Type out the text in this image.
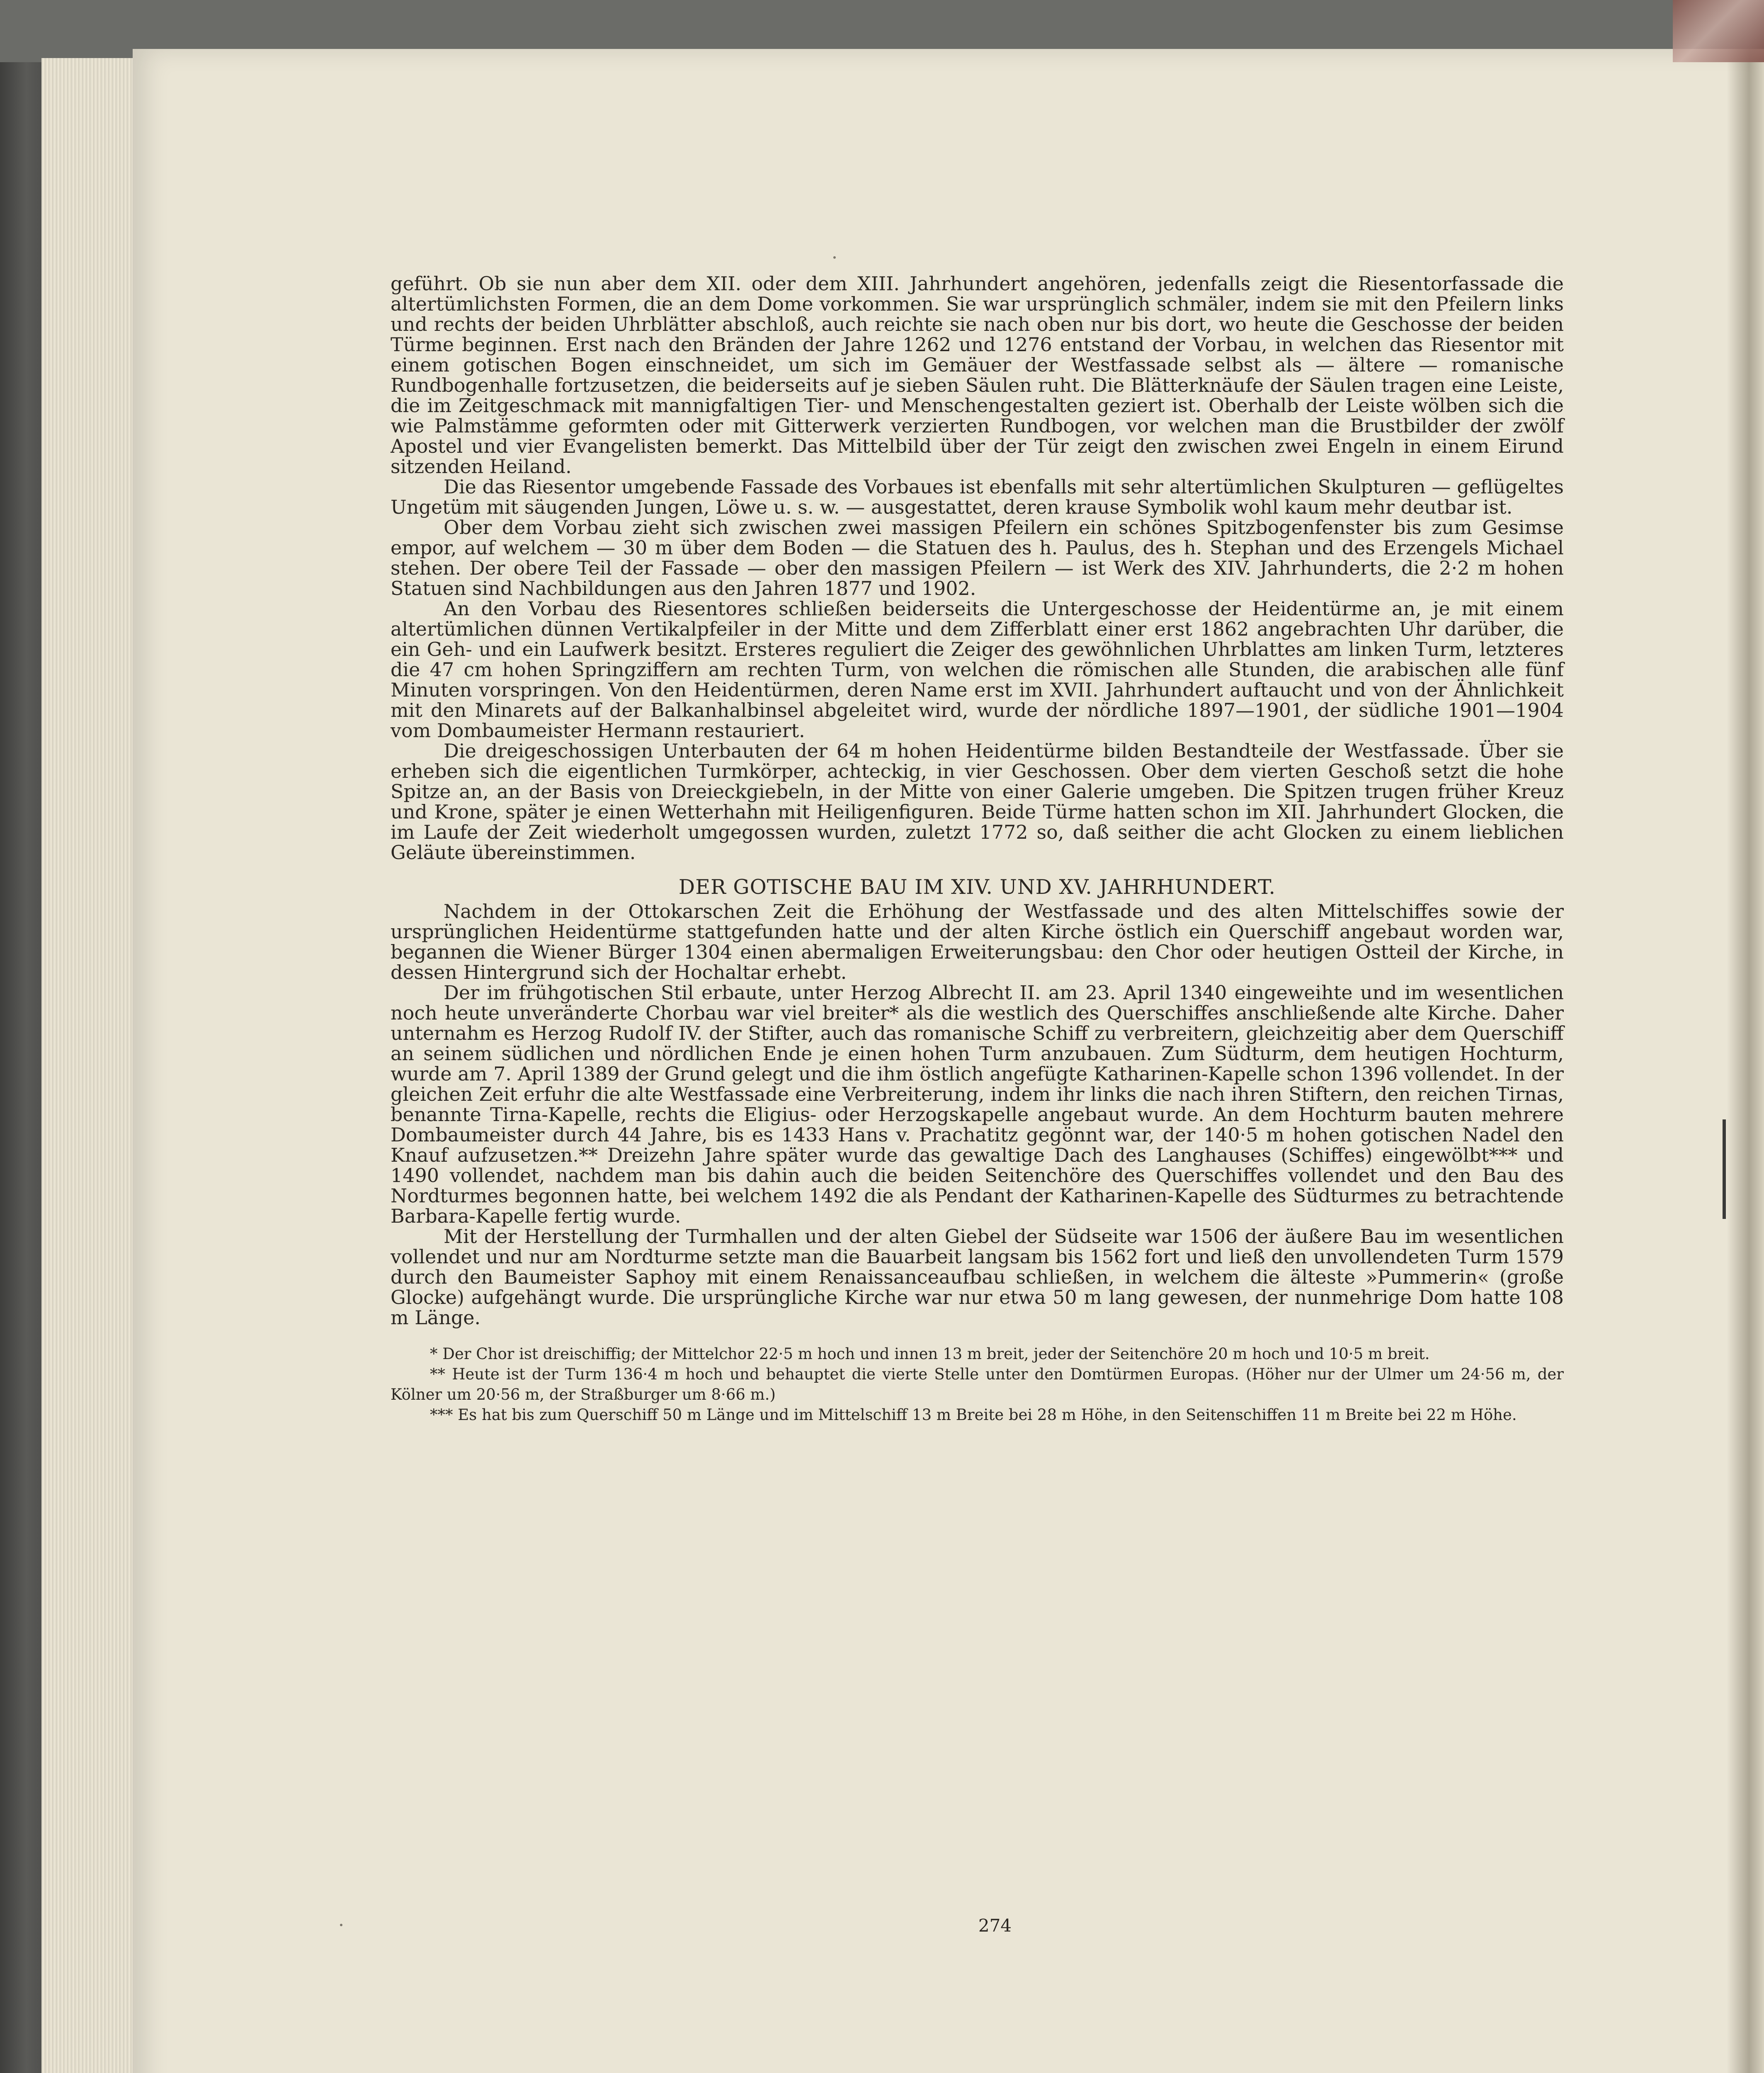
geführt. Ob sie nun aber dem XII. oder dem XIII. Jahrhundert angehören, jedenfalls zeigt die Riesentorfassade die altertümlichsten Formen, die an dem Dome vorkommen. Sie war ursprünglich schmäler, indem sie mit den Pfeilern links und rechts der beiden Uhrblätter abschloß, auch reichte sie nach oben nur bis dort, wo heute die Geschosse der beiden Türme beginnen. Erst nach den Bränden der Jahre 1262 und 1276 entstand der Vorbau, in welchen das Riesentor mit einem gotischen Bogen einschneidet, um sich im Gemäuer der Westfassade selbst als — ältere — romanische Rundbogenhalle fortzusetzen, die beiderseits auf je sieben Säulen ruht. Die Blätterknäufe der Säulen tragen eine Leiste, die im Zeitgeschmack mit mannigfaltigen Tier- und Menschengestalten geziert ist. Oberhalb der Leiste wölben sich die wie Palmstämme geformten oder mit Gitterwerk verzierten Rundbogen, vor welchen man die Brustbilder der zwölf Apostel und vier Evangelisten bemerkt. Das Mittelbild über der Tür zeigt den zwischen zwei Engeln in einem Eirund sitzenden Heiland.

Die das Riesentor umgebende Fassade des Vorbaues ist ebenfalls mit sehr altertümlichen Skulpturen — geflügeltes Ungetüm mit säugenden Jungen, Löwe u. s. w. — ausgestattet, deren krause Symbolik wohl kaum mehr deutbar ist.

Ober dem Vorbau zieht sich zwischen zwei massigen Pfeilern ein schönes Spitzbogenfenster bis zum Gesimse empor, auf welchem — 30 m über dem Boden — die Statuen des h. Paulus, des h. Stephan und des Erzengels Michael stehen. Der obere Teil der Fassade — ober den massigen Pfeilern — ist Werk des XIV. Jahrhunderts, die 2·2 m hohen Statuen sind Nachbildungen aus den Jahren 1877 und 1902.

An den Vorbau des Riesentores schließen beiderseits die Untergeschosse der Heidentürme an, je mit einem altertümlichen dünnen Vertikalpfeiler in der Mitte und dem Zifferblatt einer erst 1862 angebrachten Uhr darüber, die ein Geh- und ein Laufwerk besitzt. Ersteres reguliert die Zeiger des gewöhnlichen Uhrblattes am linken Turm, letzteres die 47 cm hohen Springziffern am rechten Turm, von welchen die römischen alle Stunden, die arabischen alle fünf Minuten vorspringen. Von den Heidentürmen, deren Name erst im XVII. Jahrhundert auftaucht und von der Ähnlichkeit mit den Minarets auf der Balkanhalbinsel abgeleitet wird, wurde der nördliche 1897—1901, der südliche 1901—1904 vom Dombaumeister Hermann restauriert.

Die dreigeschossigen Unterbauten der 64 m hohen Heidentürme bilden Bestandteile der Westfassade. Über sie erheben sich die eigentlichen Turmkörper, achteckig, in vier Geschossen. Ober dem vierten Geschoß setzt die hohe Spitze an, an der Basis von Dreieckgiebeln, in der Mitte von einer Galerie umgeben. Die Spitzen trugen früher Kreuz und Krone, später je einen Wetterhahn mit Heiligenfiguren. Beide Türme hatten schon im XII. Jahrhundert Glocken, die im Laufe der Zeit wiederholt umgegossen wurden, zuletzt 1772 so, daß seither die acht Glocken zu einem lieblichen Geläute übereinstimmen.

DER GOTISCHE BAU IM XIV. UND XV. JAHRHUNDERT.

Nachdem in der Ottokarschen Zeit die Erhöhung der Westfassade und des alten Mittelschiffes sowie der ursprünglichen Heidentürme stattgefunden hatte und der alten Kirche östlich ein Querschiff angebaut worden war, begannen die Wiener Bürger 1304 einen abermaligen Erweiterungsbau: den Chor oder heutigen Ostteil der Kirche, in dessen Hintergrund sich der Hochaltar erhebt.

Der im frühgotischen Stil erbaute, unter Herzog Albrecht II. am 23. April 1340 eingeweihte und im wesentlichen noch heute unveränderte Chorbau war viel breiter* als die westlich des Querschiffes anschließende alte Kirche. Daher unternahm es Herzog Rudolf IV. der Stifter, auch das romanische Schiff zu verbreitern, gleichzeitig aber dem Querschiff an seinem südlichen und nördlichen Ende je einen hohen Turm anzubauen. Zum Südturm, dem heutigen Hochturm, wurde am 7. April 1389 der Grund gelegt und die ihm östlich angefügte Katharinen-Kapelle schon 1396 vollendet. In der gleichen Zeit erfuhr die alte Westfassade eine Verbreiterung, indem ihr links die nach ihren Stiftern, den reichen Tirnas, benannte Tirna-Kapelle, rechts die Eligius- oder Herzogskapelle angebaut wurde. An dem Hochturm bauten mehrere Dombaumeister durch 44 Jahre, bis es 1433 Hans v. Prachatitz gegönnt war, der 140·5 m hohen gotischen Nadel den Knauf aufzusetzen.** Dreizehn Jahre später wurde das gewaltige Dach des Langhauses (Schiffes) eingewölbt*** und 1490 vollendet, nachdem man bis dahin auch die beiden Seitenchöre des Querschiffes vollendet und den Bau des Nordturmes begonnen hatte, bei welchem 1492 die als Pendant der Katharinen-Kapelle des Südturmes zu betrachtende Barbara-Kapelle fertig wurde.

Mit der Herstellung der Turmhallen und der alten Giebel der Südseite war 1506 der äußere Bau im wesentlichen vollendet und nur am Nordturme setzte man die Bauarbeit langsam bis 1562 fort und ließ den unvollendeten Turm 1579 durch den Baumeister Saphoy mit einem Renaissanceaufbau schließen, in welchem die älteste »Pummerin« (große Glocke) aufgehängt wurde. Die ursprüngliche Kirche war nur etwa 50 m lang gewesen, der nunmehrige Dom hatte 108 m Länge.

* Der Chor ist dreischiffig; der Mittelchor 22·5 m hoch und innen 13 m breit, jeder der Seitenchöre 20 m hoch und 10·5 m breit.

** Heute ist der Turm 136·4 m hoch und behauptet die vierte Stelle unter den Domtürmen Europas. (Höher nur der Ulmer um 24·56 m, der Kölner um 20·56 m, der Straßburger um 8·66 m.)

*** Es hat bis zum Querschiff 50 m Länge und im Mittelschiff 13 m Breite bei 28 m Höhe, in den Seitenschiffen 11 m Breite bei 22 m Höhe.

274
